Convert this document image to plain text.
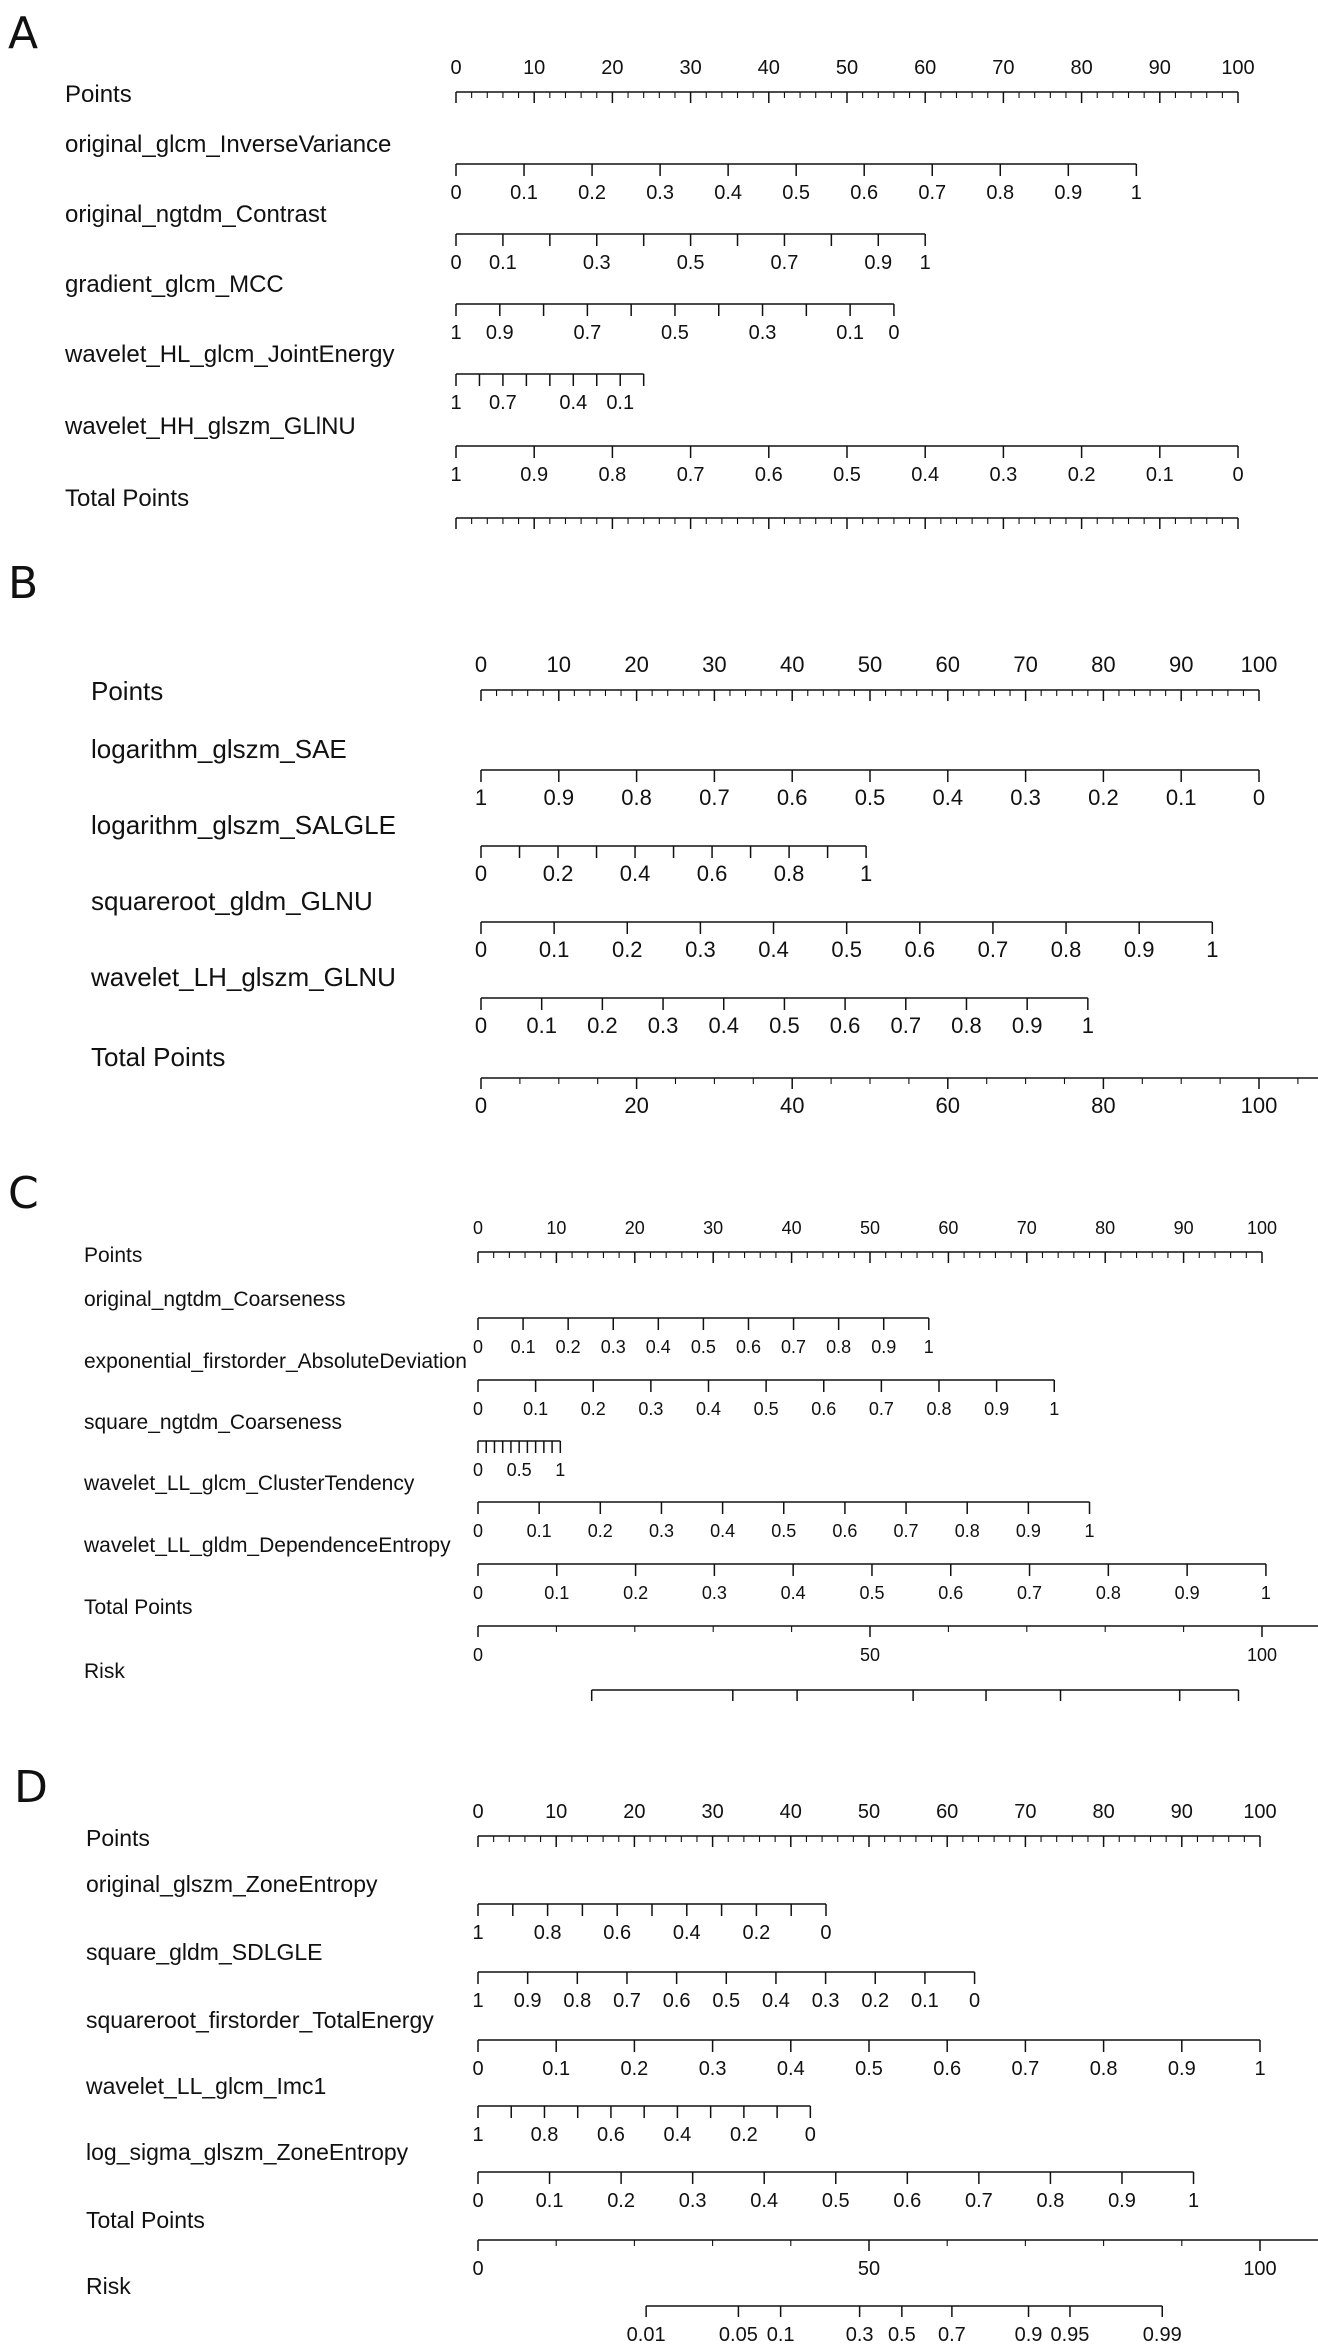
A
Points
0	10	20	30	40	50	60	70	80	90	100
original_glcm_InverseVariance
0 0.1 0.2 0.3 0.4 0.5 0.6 0.7 0.8 0.9 1
original_ngtdm_Contrast
0 0.1	0.3	0.5	0.7	0.9 1
gradient_glcm_MCC
1 0.9	0.7	0.5	0.3	0.1 0
wavelet_HL_glcm_JointEnergy
1 0.7 0.4 0.1
wavelet_HH_glszm_GLlNU
1	0.9	0.8	0.7	0.6	0.5	0.4	0.3	0.2	0.1	0
Total Points
B
Points
0	10 20 30 40 50 60 70 80 90 100
logarithm_glszm_SAE
1	0.9 0.8 0.7 0.6 0.5 0.4 0.3 0.2 0.1	0
logarithm_glszm_SALGLE
0	0.2 0.4 0.6 0.8	1
squareroot_gldm_GLNU
0 0.1 0.2 0.3 0.4 0.5 0.6 0.7 0.8 0.9 1
wavelet_LH_glszm_GLNU
0 0.1 0.2 0.3 0.4 0.5 0.6 0.7 0.8 0.9 1
Total Points
0	20	40	60	80	100
C
Points
0	10	20	30	40	50	60	70	80	90	100
original_ngtdm_Coarseness
0 0.1 0.2 0.3 0.4 0.5 0.6 0.7 0.8 0.9 1
exponential_firstorder_AbsoluteDeviation
0 0.1 0.2 0.3 0.4 0.5 0.6 0.7 0.8 0.9 1
square_ngtdm_Coarseness
0 0.5 1
wavelet_LL_glcm_ClusterTendency
0 0.1 0.2 0.3 0.4 0.5 0.6 0.7 0.8 0.9 1
wavelet_LL_gldm_DependenceEntropy
0	0.1	0.2	0.3	0.4	0.5	0.6	0.7	0.8	0.9	1
Total Points
0	50	100
Risk
D
Points
0	10	20	30	40	50	60	70	80	90	100
original_glszm_ZoneEntropy
1	0.8 0.6 0.4 0.2	0
square_gldm_SDLGLE
1 0.9 0.8 0.7 0.6 0.5 0.4 0.3 0.2 0.1 0
squareroot_firstorder_TotalEnergy
0	0.1	0.2	0.3	0.4	0.5	0.6	0.7	0.8	0.9	1
wavelet_LL_glcm_Imc1
1 0.8 0.6 0.4 0.2 0
log_sigma_glszm_ZoneEntropy
0	0.1 0.2 0.3 0.4 0.5 0.6 0.7 0.8 0.9	1
Total Points
0	50	100
Risk
0.01	0.05 0.1	0.3 0.5 0.7 0.9 0.95	0.99
